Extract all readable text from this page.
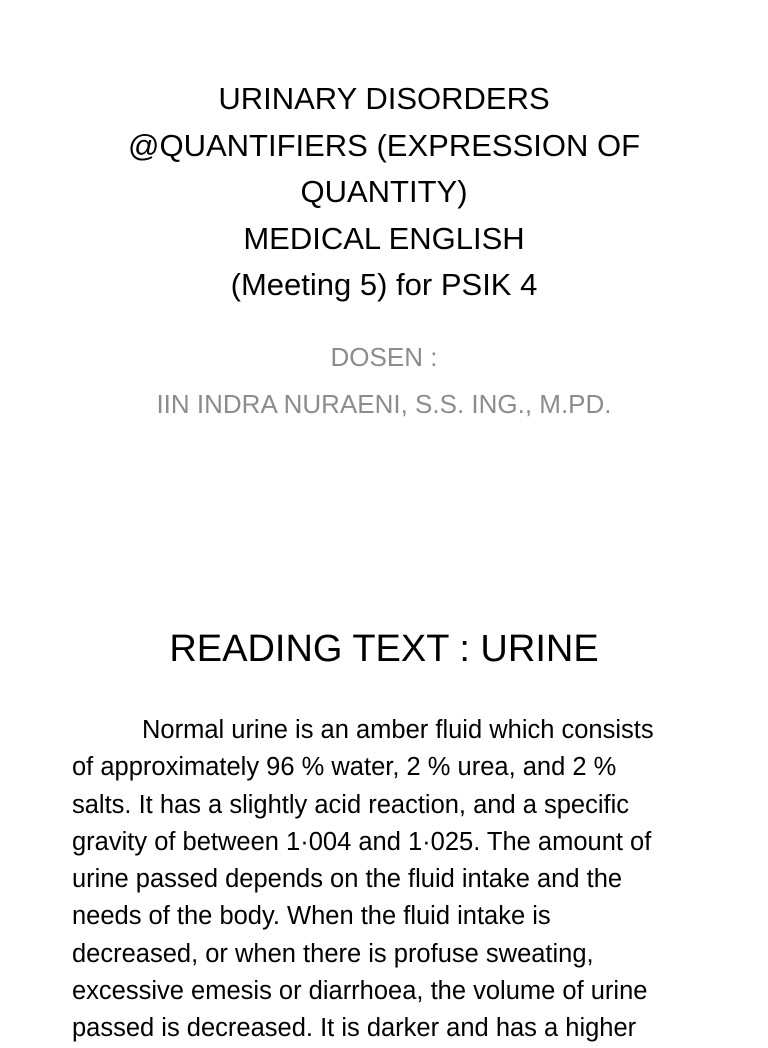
URINARY DISORDERS
@QUANTIFIERS (EXPRESSION OF
QUANTITY)
MEDICAL ENGLISH
(Meeting 5) for PSIK 4
DOSEN :
IIN INDRA NURAENI, S.S. ING., M.PD.
READING TEXT : URINE
Normal urine is an amber fluid which consists
of approximately 96 % water, 2 % urea, and 2 %
salts. It has a slightly acid reaction, and a specific
gravity of between 1·004 and 1·025. The amount of
urine passed depends on the fluid intake and the
needs of the body. When the fluid intake is
decreased, or when there is profuse sweating,
excessive emesis or diarrhoea, the volume of urine
passed is decreased. It is darker and has a higher
